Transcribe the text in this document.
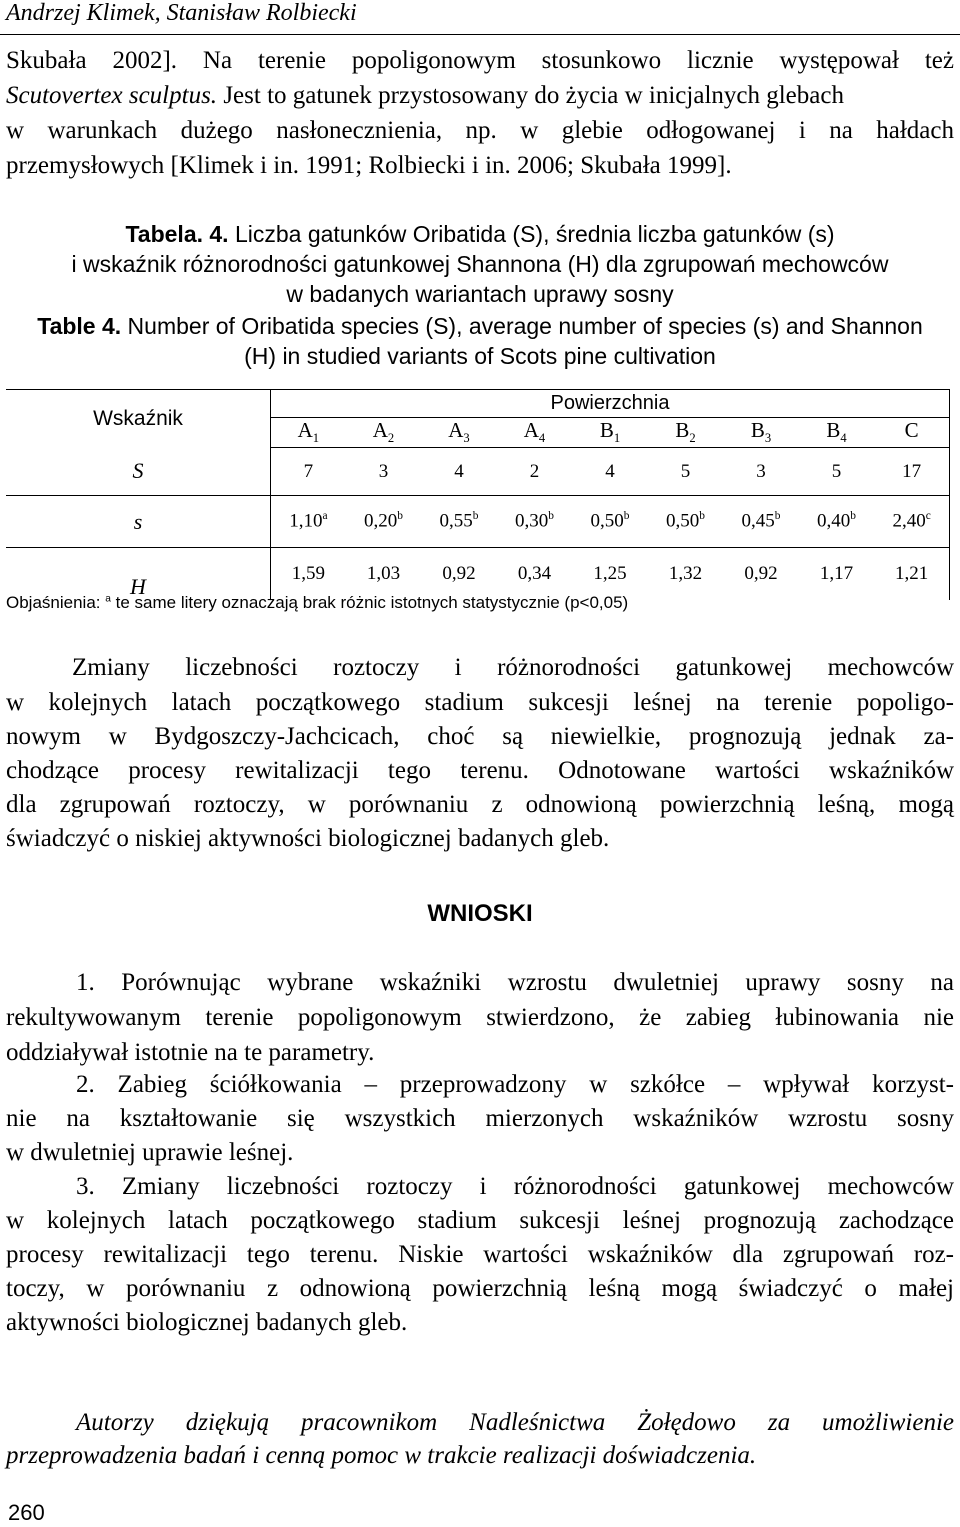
Andrzej Klimek, Stanisław Rolbiecki
Skubała 2002]. Na terenie popoligonowym stosunkowo licznie występował też
Scutovertex sculptus. Jest to gatunek przystosowany do życia w inicjalnych glebach
w warunkach dużego nasłonecznienia, np. w glebie odłogowanej i na hałdach
przemysłowych [Klimek i in. 1991; Rolbiecki i in. 2006; Skubała 1999].
Tabela. 4. Liczba gatunków Oribatida (S), średnia liczba gatunków (s)
i wskaźnik różnorodności gatunkowej Shannona (H) dla zgrupowań mechowców
w badanych wariantach uprawy sosny
Table 4. Number of Oribatida species (S), average number of species (s) and Shannon
(H) in studied variants of Scots pine cultivation
Wskaźnik	Powierzchnia								
	$A_1$	$A_2$	$A_3$	$A_4$	$B_1$	$B_2$	$B_3$	$B_4$	C
S	7	3	4	2	4	5	3	5	17
s	1,10$^a$	0,20$^b$	0,55$^b$	0,30$^b$	0,50$^b$	0,50$^b$	0,45$^b$	0,40$^b$	2,40$^c$
H	1,59	1,03	0,92	0,34	1,25	1,32	0,92	1,17	1,21
Objaśnienia: $^a$ te same litery oznaczają brak różnic istotnych statystycznie (p<0,05)
Zmiany liczebności roztoczy i różnorodności gatunkowej mechowców
w kolejnych latach początkowego stadium sukcesji leśnej na terenie popoligo-
nowym w Bydgoszczy-Jachcicach, choć są niewielkie, prognozują jednak za-
chodzące procesy rewitalizacji tego terenu. Odnotowane wartości wskaźników
dla zgrupowań roztoczy, w porównaniu z odnowioną powierzchnią leśną, mogą
świadczyć o niskiej aktywności biologicznej badanych gleb.
WNIOSKI
1. Porównując wybrane wskaźniki wzrostu dwuletniej uprawy sosny na
rekultywowanym terenie popoligonowym stwierdzono, że zabieg łubinowania nie
oddziaływał istotnie na te parametry.
2. Zabieg ściółkowania – przeprowadzony w szkółce – wpływał korzyst-
nie na kształtowanie się wszystkich mierzonych wskaźników wzrostu sosny
w dwuletniej uprawie leśnej.
3. Zmiany liczebności roztoczy i różnorodności gatunkowej mechowców
w kolejnych latach początkowego stadium sukcesji leśnej prognozują zachodzące
procesy rewitalizacji tego terenu. Niskie wartości wskaźników dla zgrupowań roz-
toczy, w porównaniu z odnowioną powierzchnią leśną mogą świadczyć o małej
aktywności biologicznej badanych gleb.
Autorzy dziękują pracownikom Nadleśnictwa Żołędowo za umożliwienie
przeprowadzenia badań i cenną pomoc w trakcie realizacji doświadczenia.
260
